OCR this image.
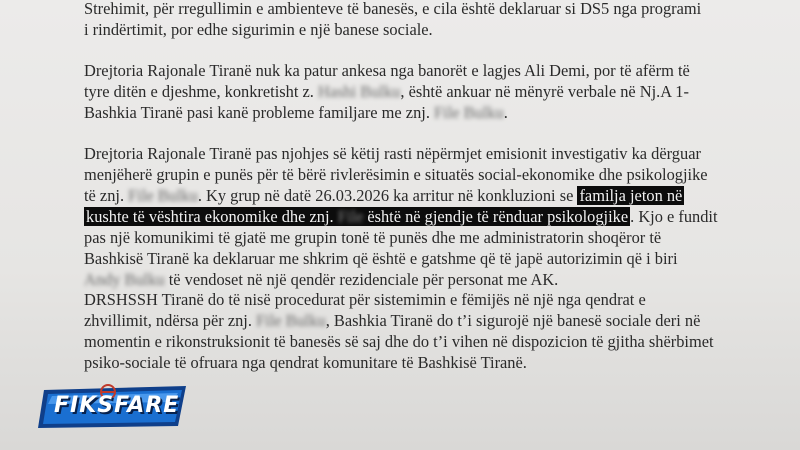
Strehimit, për rregullimin e ambienteve të banesës, e cila është deklaruar si DS5 nga programi
i rindërtimit, por edhe sigurimin e një banese sociale.
Drejtoria Rajonale Tiranë nuk ka patur ankesa nga banorët e lagjes Ali Demi, por të afërm të
tyre ditën e djeshme, konkretisht z. Hashi Bulku, është ankuar në mënyrë verbale në Nj.A 1-
Bashkia Tiranë pasi kanë probleme familjare me znj. File Bulku.
Drejtoria Rajonale Tiranë pas njohjes së këtij rasti nëpërmjet emisionit investigativ ka dërguar
menjëherë grupin e punës për të bërë rivlerësimin e situatës social-ekonomike dhe psikologjike
të znj. File Bulku. Ky grup në datë 26.03.2026 ka arritur në konkluzioni se familja jeton në
kushte të vështira ekonomike dhe znj. File është në gjendje të rënduar psikologjike . Kjo e fundit
pas një komunikimi të gjatë me grupin tonë të punës dhe me administratorin shoqëror të
Bashkisë Tiranë ka deklaruar me shkrim që është e gatshme që të japë autorizimin që i biri
Andy Bulku të vendoset në një qendër rezidenciale për personat me AK.
DRSHSSH Tiranë do të nisë procedurat për sistemimin e fëmijës në një nga qendrat e
zhvillimit, ndërsa për znj. File Bulku, Bashkia Tiranë do t’i sigurojë një banesë sociale deri në
momentin e rikonstruksionit të banesës së saj dhe do t’i vihen në dispozicion të gjitha shërbimet
psiko-sociale të ofruara nga qendrat komunitare të Bashkisë Tiranë.
FIKSFARE
